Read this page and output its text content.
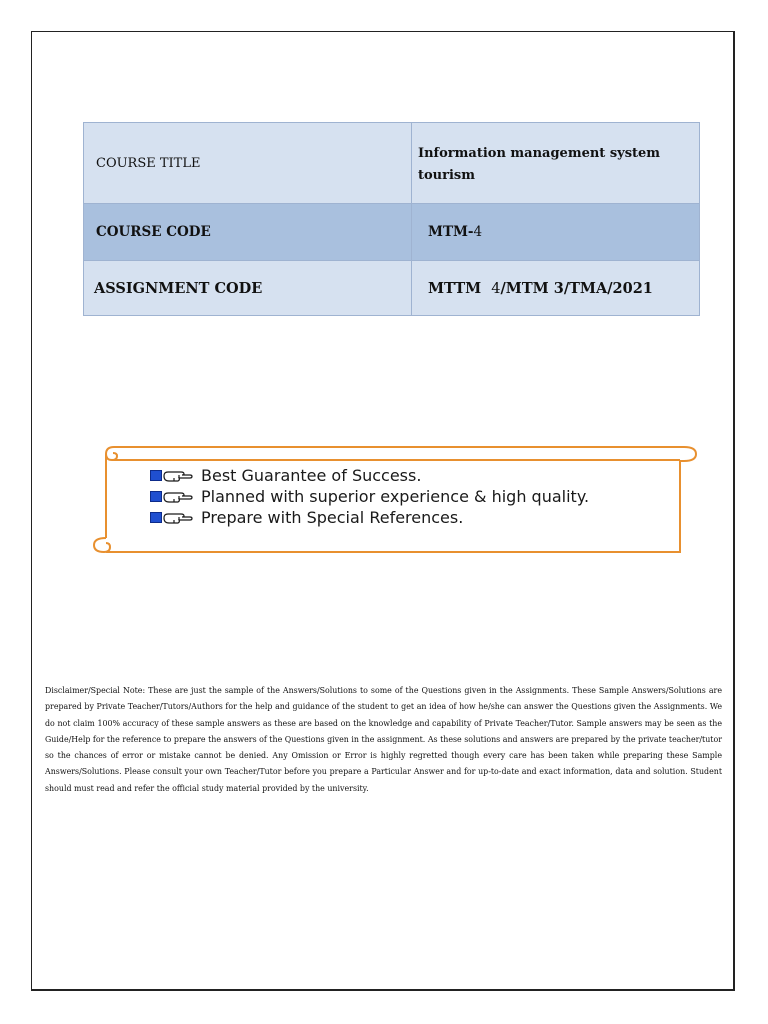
COURSE TITLE	Information management system
tourism

COURSE CODE	MTM-4
ASSIGNMENT CODE	MTTM  4/MTM 3/TMA/2021
Best Guarantee of Success.
Planned with superior experience & high quality.
Prepare with Special References.
Disclaimer/Special Note: These are just the sample of the Answers/Solutions to some of the Questions given in the Assignments. These Sample Answers/Solutions are prepared by Private Teacher/Tutors/Authors for the help and guidance of the student to get an idea of how he/she can answer the Questions given the Assignments. We do not claim 100% accuracy of these sample answers as these are based on the knowledge and capability of Private Teacher/Tutor. Sample answers may be seen as the Guide/Help for the reference to prepare the answers of the Questions given in the assignment. As these solutions and answers are prepared by the private teacher/tutor so the chances of error or mistake cannot be denied. Any Omission or Error is highly regretted though every care has been taken while preparing these Sample Answers/Solutions. Please consult your own Teacher/Tutor before you prepare a Particular Answer and for up-to-date and exact information, data and solution. Student should must read and refer the official study material provided by the university.
